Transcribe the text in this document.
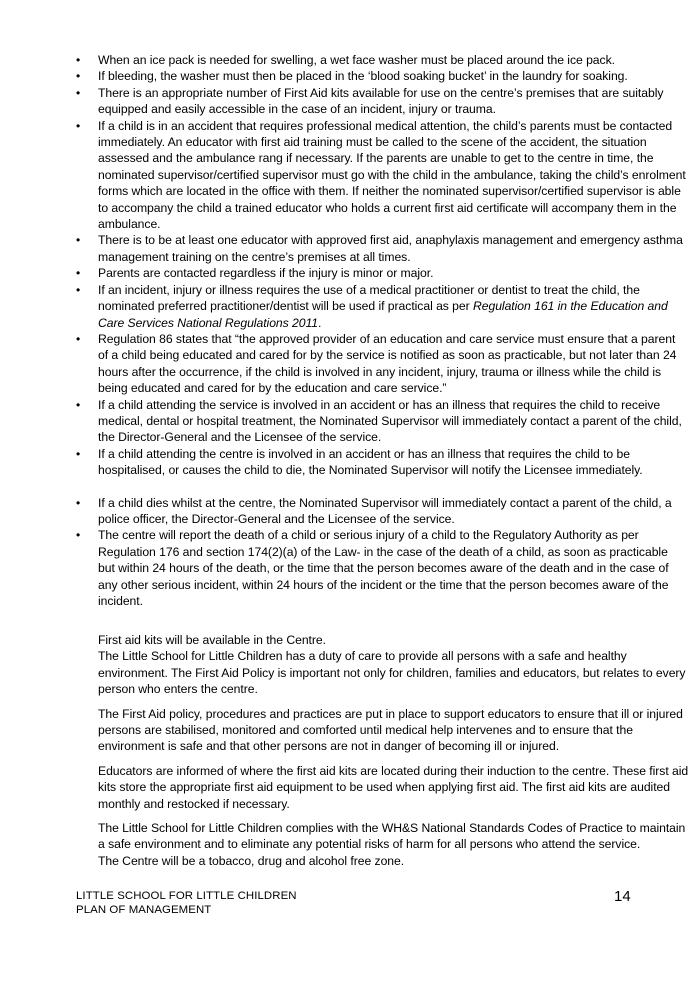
•	When an ice pack is needed for swelling, a wet face washer must be placed around the ice pack.
•	If bleeding, the washer must then be placed in the ‘blood soaking bucket’ in the laundry for soaking.
•	There is an appropriate number of First Aid kits available for use on the centre’s premises that are suitably equipped and easily accessible in the case of an incident, injury or trauma.
•	If a child is in an accident that requires professional medical attention, the child’s parents must be contacted immediately. An educator with first aid training must be called to the scene of the accident, the situation assessed and the ambulance rang if necessary. If the parents are unable to get to the centre in time, the nominated supervisor/certified supervisor must go with the child in the ambulance, taking the child’s enrolment forms which are located in the office with them. If neither the nominated supervisor/certified supervisor is able to accompany the child a trained educator who holds a current first aid certificate will accompany them in the ambulance.
•	There is to be at least one educator with approved first aid, anaphylaxis management and emergency asthma management training on the centre’s premises at all times.
•	Parents are contacted regardless if the injury is minor or major.
•	If an incident, injury or illness requires the use of a medical practitioner or dentist to treat the child, the nominated preferred practitioner/dentist will be used if practical as per Regulation 161 in the Education and Care Services National Regulations 2011.
•	Regulation 86 states that “the approved provider of an education and care service must ensure that a parent of a child being educated and cared for by the service is notified as soon as practicable, but not later than 24 hours after the occurrence, if the child is involved in any incident, injury, trauma or illness while the child is being educated and cared for by the education and care service.”
•	If a child attending the service is involved in an accident or has an illness that requires the child to receive medical, dental or hospital treatment, the Nominated Supervisor will immediately contact a parent of the child, the Director-General and the Licensee of the service.
•	If a child attending the centre is involved in an accident or has an illness that requires the child to be hospitalised, or causes the child to die, the Nominated Supervisor will notify the Licensee immediately.
•	If a child dies whilst at the centre, the Nominated Supervisor will immediately contact a parent of the child, a police officer, the Director-General and the Licensee of the service.
•	The centre will report the death of a child or serious injury of a child to the Regulatory Authority as per Regulation 176 and section 174(2)(a) of the Law- in the case of the death of a child, as soon as practicable but within 24 hours of the death, or the time that the person becomes aware of the death and in the case of any other serious incident, within 24 hours of the incident or the time that the person becomes aware of the incident.

First aid kits will be available in the Centre.

The Little School for Little Children has a duty of care to provide all persons with a safe and healthy environment. The First Aid Policy is important not only for children, families and educators, but relates to every person who enters the centre.

The First Aid policy, procedures and practices are put in place to support educators to ensure that ill or injured persons are stabilised, monitored and comforted until medical help intervenes and to ensure that the environment is safe and that other persons are not in danger of becoming ill or injured.

Educators are informed of where the first aid kits are located during their induction to the centre. These first aid kits store the appropriate first aid equipment to be used when applying first aid. The first aid kits are audited monthly and restocked if necessary.

The Little School for Little Children complies with the WH&S National Standards Codes of Practice to maintain a safe environment and to eliminate any potential risks of harm for all persons who attend the service.

The Centre will be a tobacco, drug and alcohol free zone.

LITTLE SCHOOL FOR LITTLE CHILDREN
PLAN OF MANAGEMENT
14
